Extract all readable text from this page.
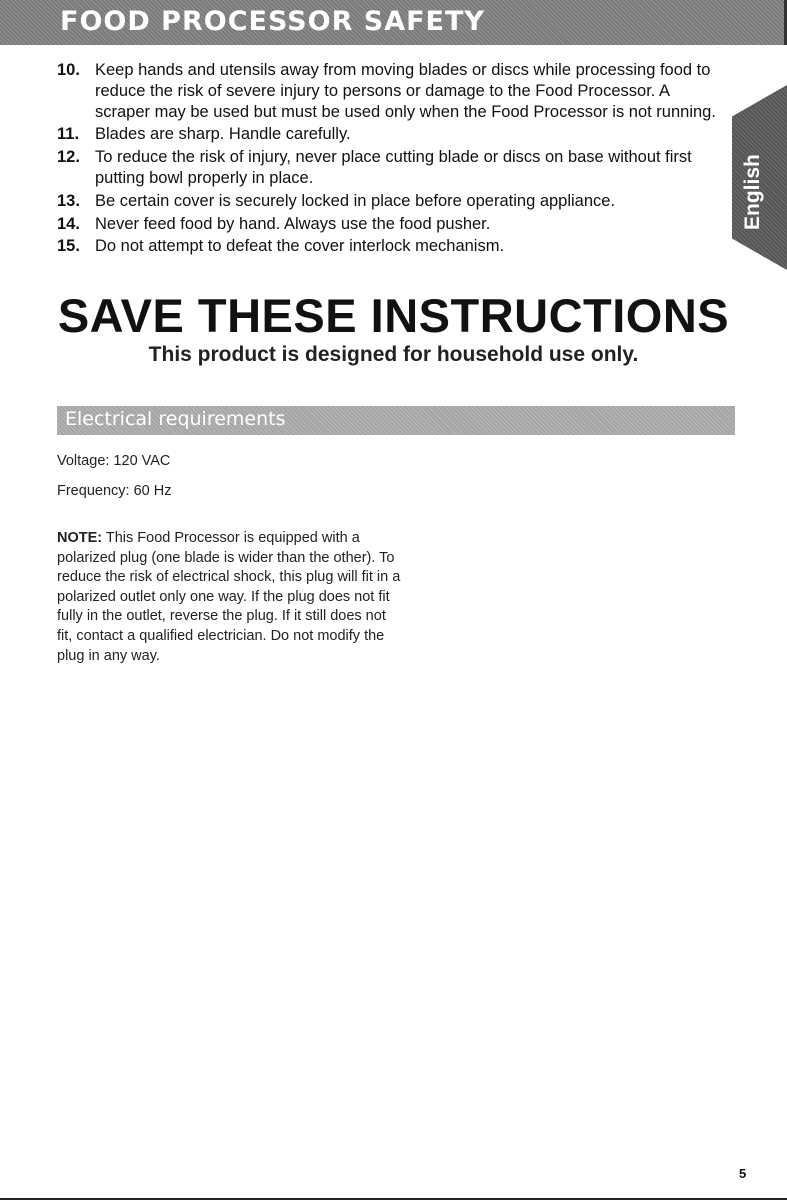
FOOD PROCESSOR SAFETY
10. Keep hands and utensils away from moving blades or discs while processing food to reduce the risk of severe injury to persons or damage to the Food Processor. A scraper may be used but must be used only when the Food Processor is not running.
11. Blades are sharp. Handle carefully.
12. To reduce the risk of injury, never place cutting blade or discs on base without first putting bowl properly in place.
13. Be certain cover is securely locked in place before operating appliance.
14. Never feed food by hand. Always use the food pusher.
15. Do not attempt to defeat the cover interlock mechanism.
SAVE THESE INSTRUCTIONS
This product is designed for household use only.
Electrical requirements
Voltage: 120 VAC
Frequency: 60 Hz

NOTE: This Food Processor is equipped with a polarized plug (one blade is wider than the other). To reduce the risk of electrical shock, this plug will fit in a polarized outlet only one way. If the plug does not fit fully in the outlet, reverse the plug. If it still does not fit, contact a qualified electrician. Do not modify the plug in any way.

5
